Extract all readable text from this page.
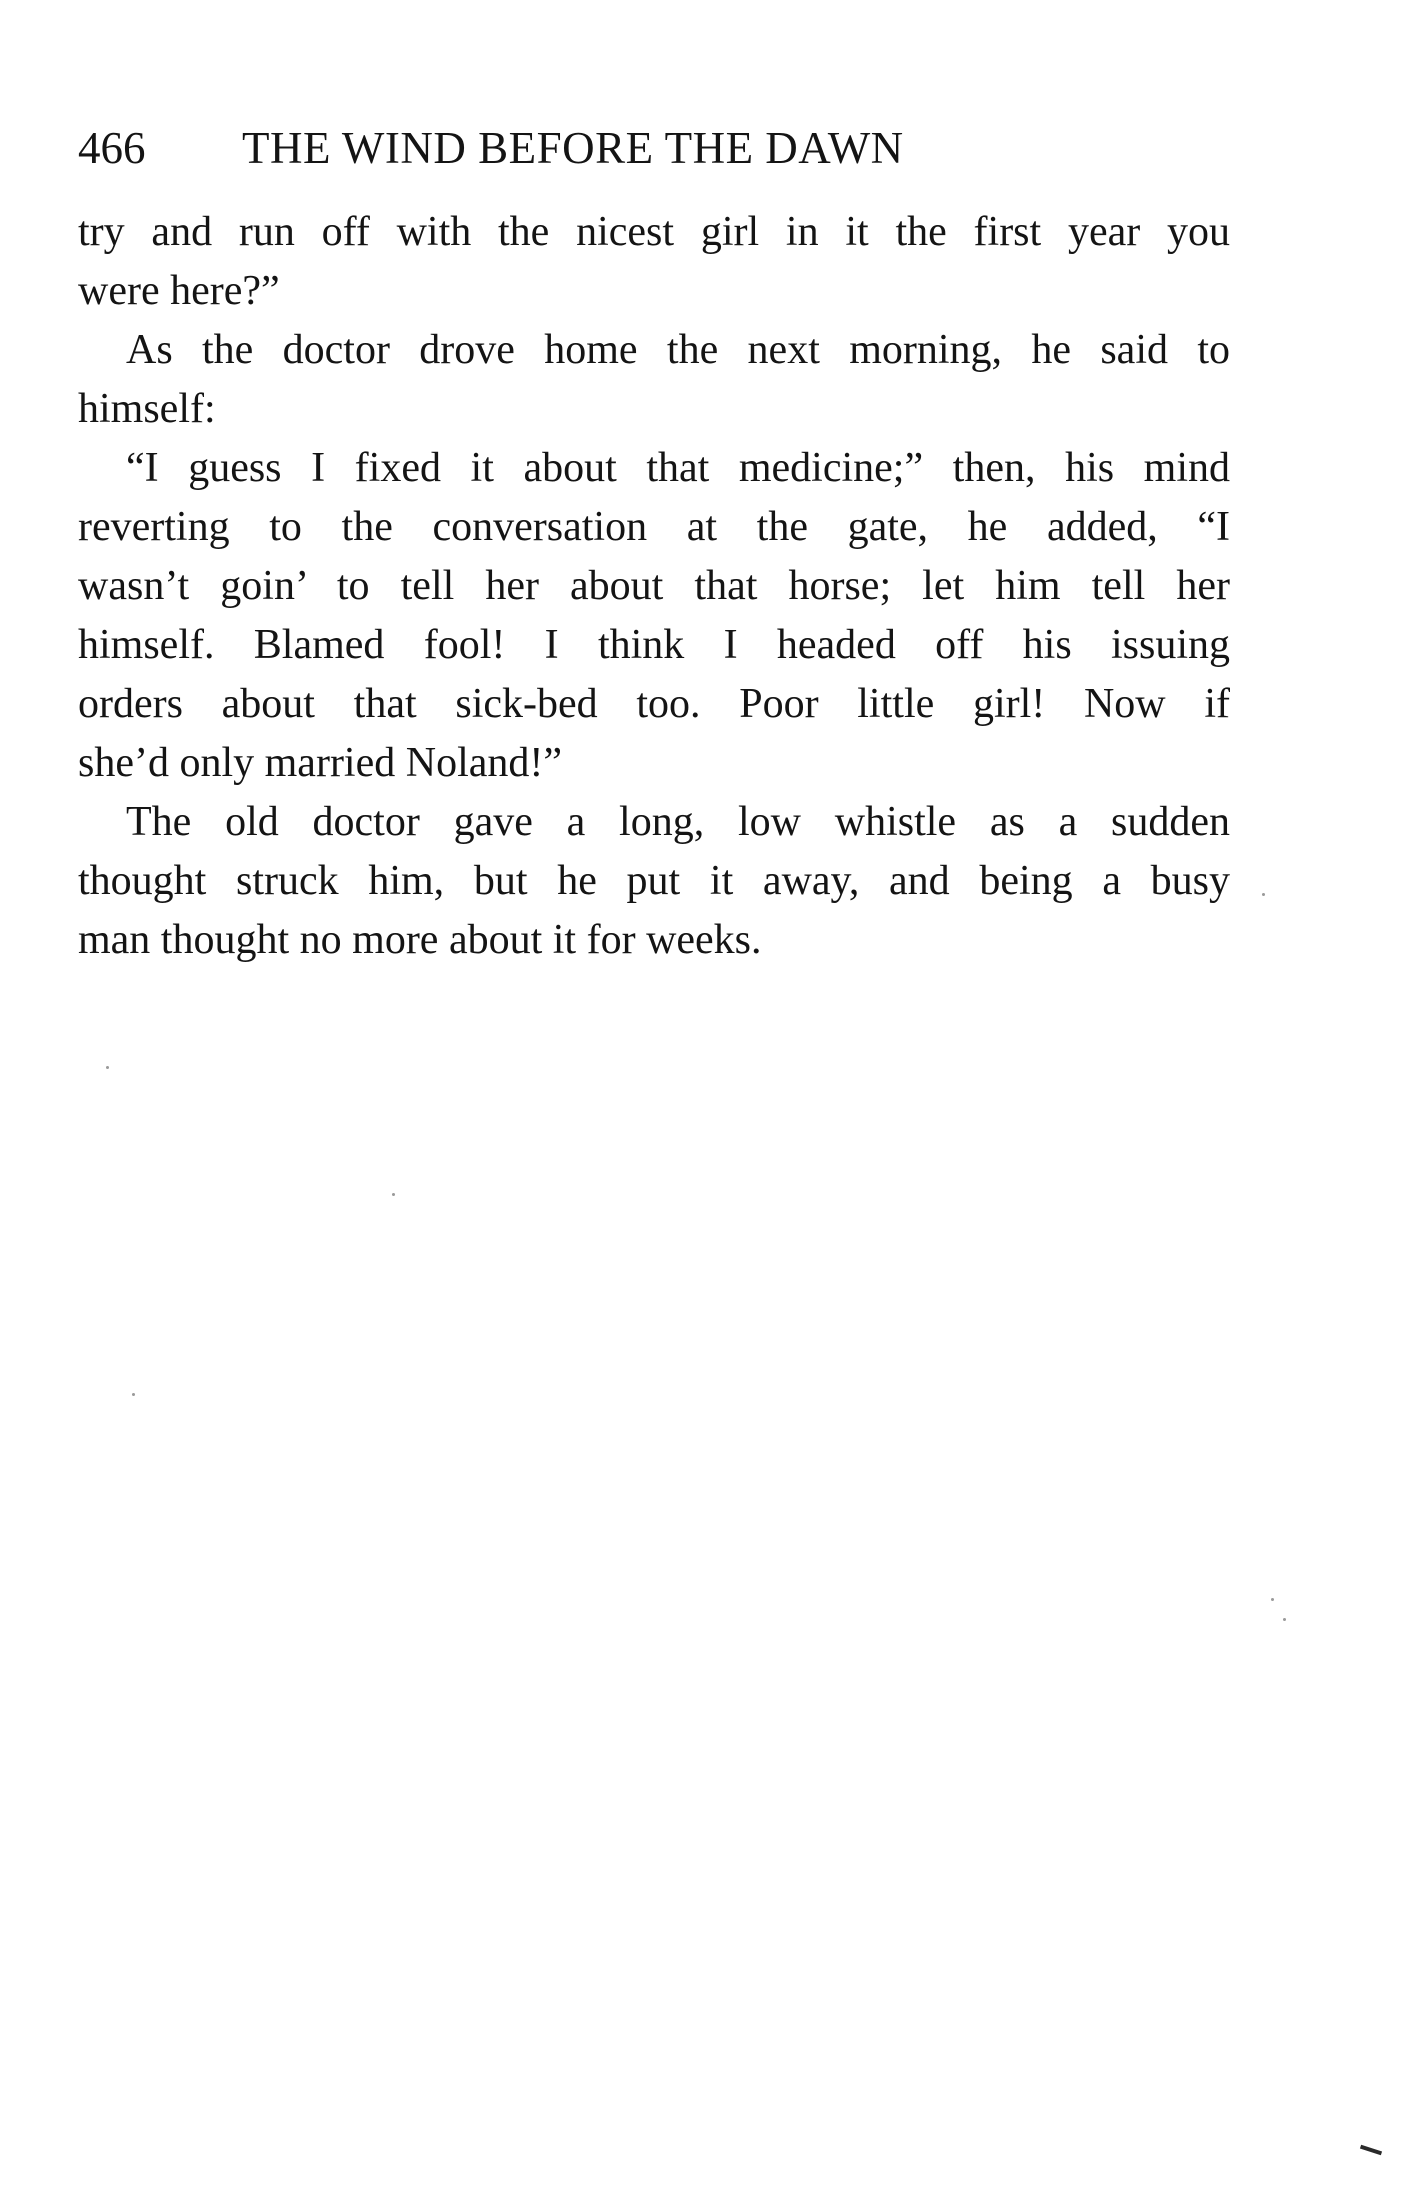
466 THE WIND BEFORE THE DAWN
try and run off with the nicest girl in it the first year you
were here?”
As the doctor drove home the next morning, he said to
himself:
“I guess I fixed it about that medicine;” then, his mind
reverting to the conversation at the gate, he added, “I
wasn’t goin’ to tell her about that horse; let him tell her
himself. Blamed fool! I think I headed off his issuing
orders about that sick-bed too. Poor little girl! Now if
she’d only married Noland!”
The old doctor gave a long, low whistle as a sudden
thought struck him, but he put it away, and being a busy
man thought no more about it for weeks.
